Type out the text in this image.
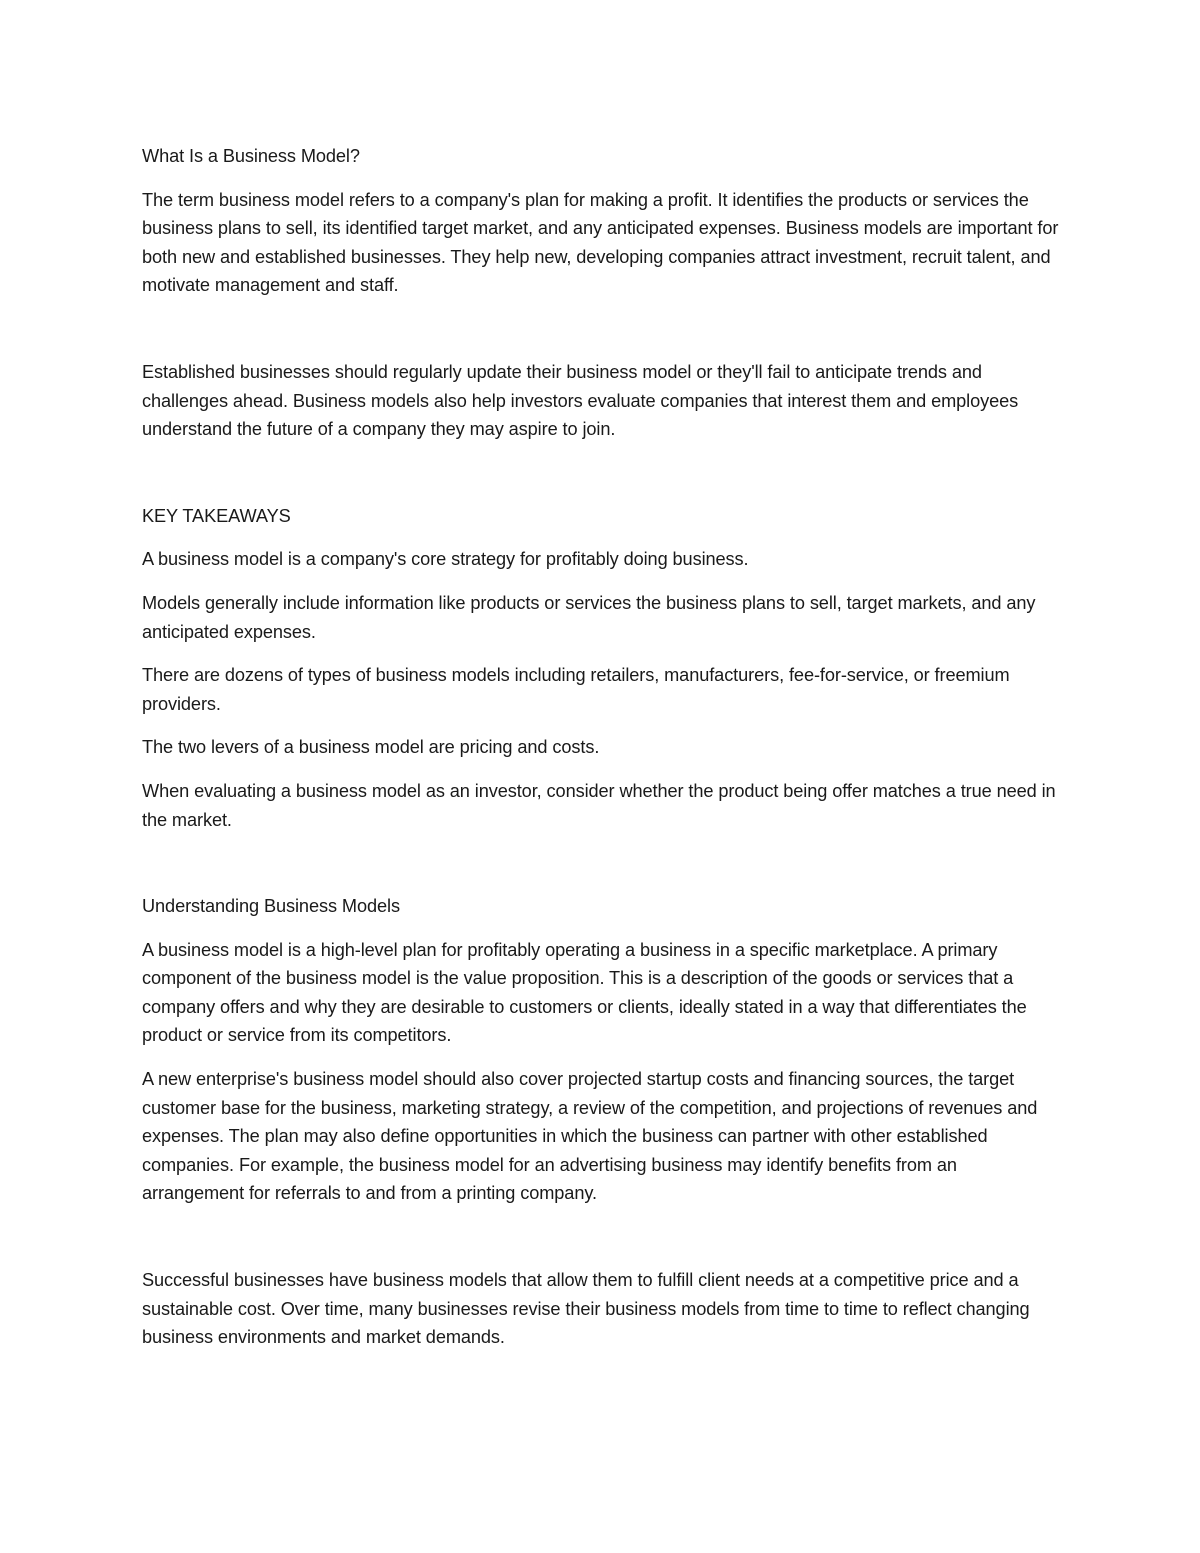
What Is a Business Model?

The term business model refers to a company's plan for making a profit. It identifies the products or services the business plans to sell, its identified target market, and any anticipated expenses. Business models are important for both new and established businesses. They help new, developing companies attract investment, recruit talent, and motivate management and staff.

Established businesses should regularly update their business model or they'll fail to anticipate trends and challenges ahead. Business models also help investors evaluate companies that interest them and employees understand the future of a company they may aspire to join.

KEY TAKEAWAYS

A business model is a company's core strategy for profitably doing business.

Models generally include information like products or services the business plans to sell, target markets, and any anticipated expenses.

There are dozens of types of business models including retailers, manufacturers, fee-for-service, or freemium providers.

The two levers of a business model are pricing and costs.

When evaluating a business model as an investor, consider whether the product being offer matches a true need in the market.

Understanding Business Models

A business model is a high-level plan for profitably operating a business in a specific marketplace. A primary component of the business model is the value proposition. This is a description of the goods or services that a company offers and why they are desirable to customers or clients, ideally stated in a way that differentiates the product or service from its competitors.

A new enterprise's business model should also cover projected startup costs and financing sources, the target customer base for the business, marketing strategy, a review of the competition, and projections of revenues and expenses. The plan may also define opportunities in which the business can partner with other established companies. For example, the business model for an advertising business may identify benefits from an arrangement for referrals to and from a printing company.

Successful businesses have business models that allow them to fulfill client needs at a competitive price and a sustainable cost. Over time, many businesses revise their business models from time to time to reflect changing business environments and market demands.
